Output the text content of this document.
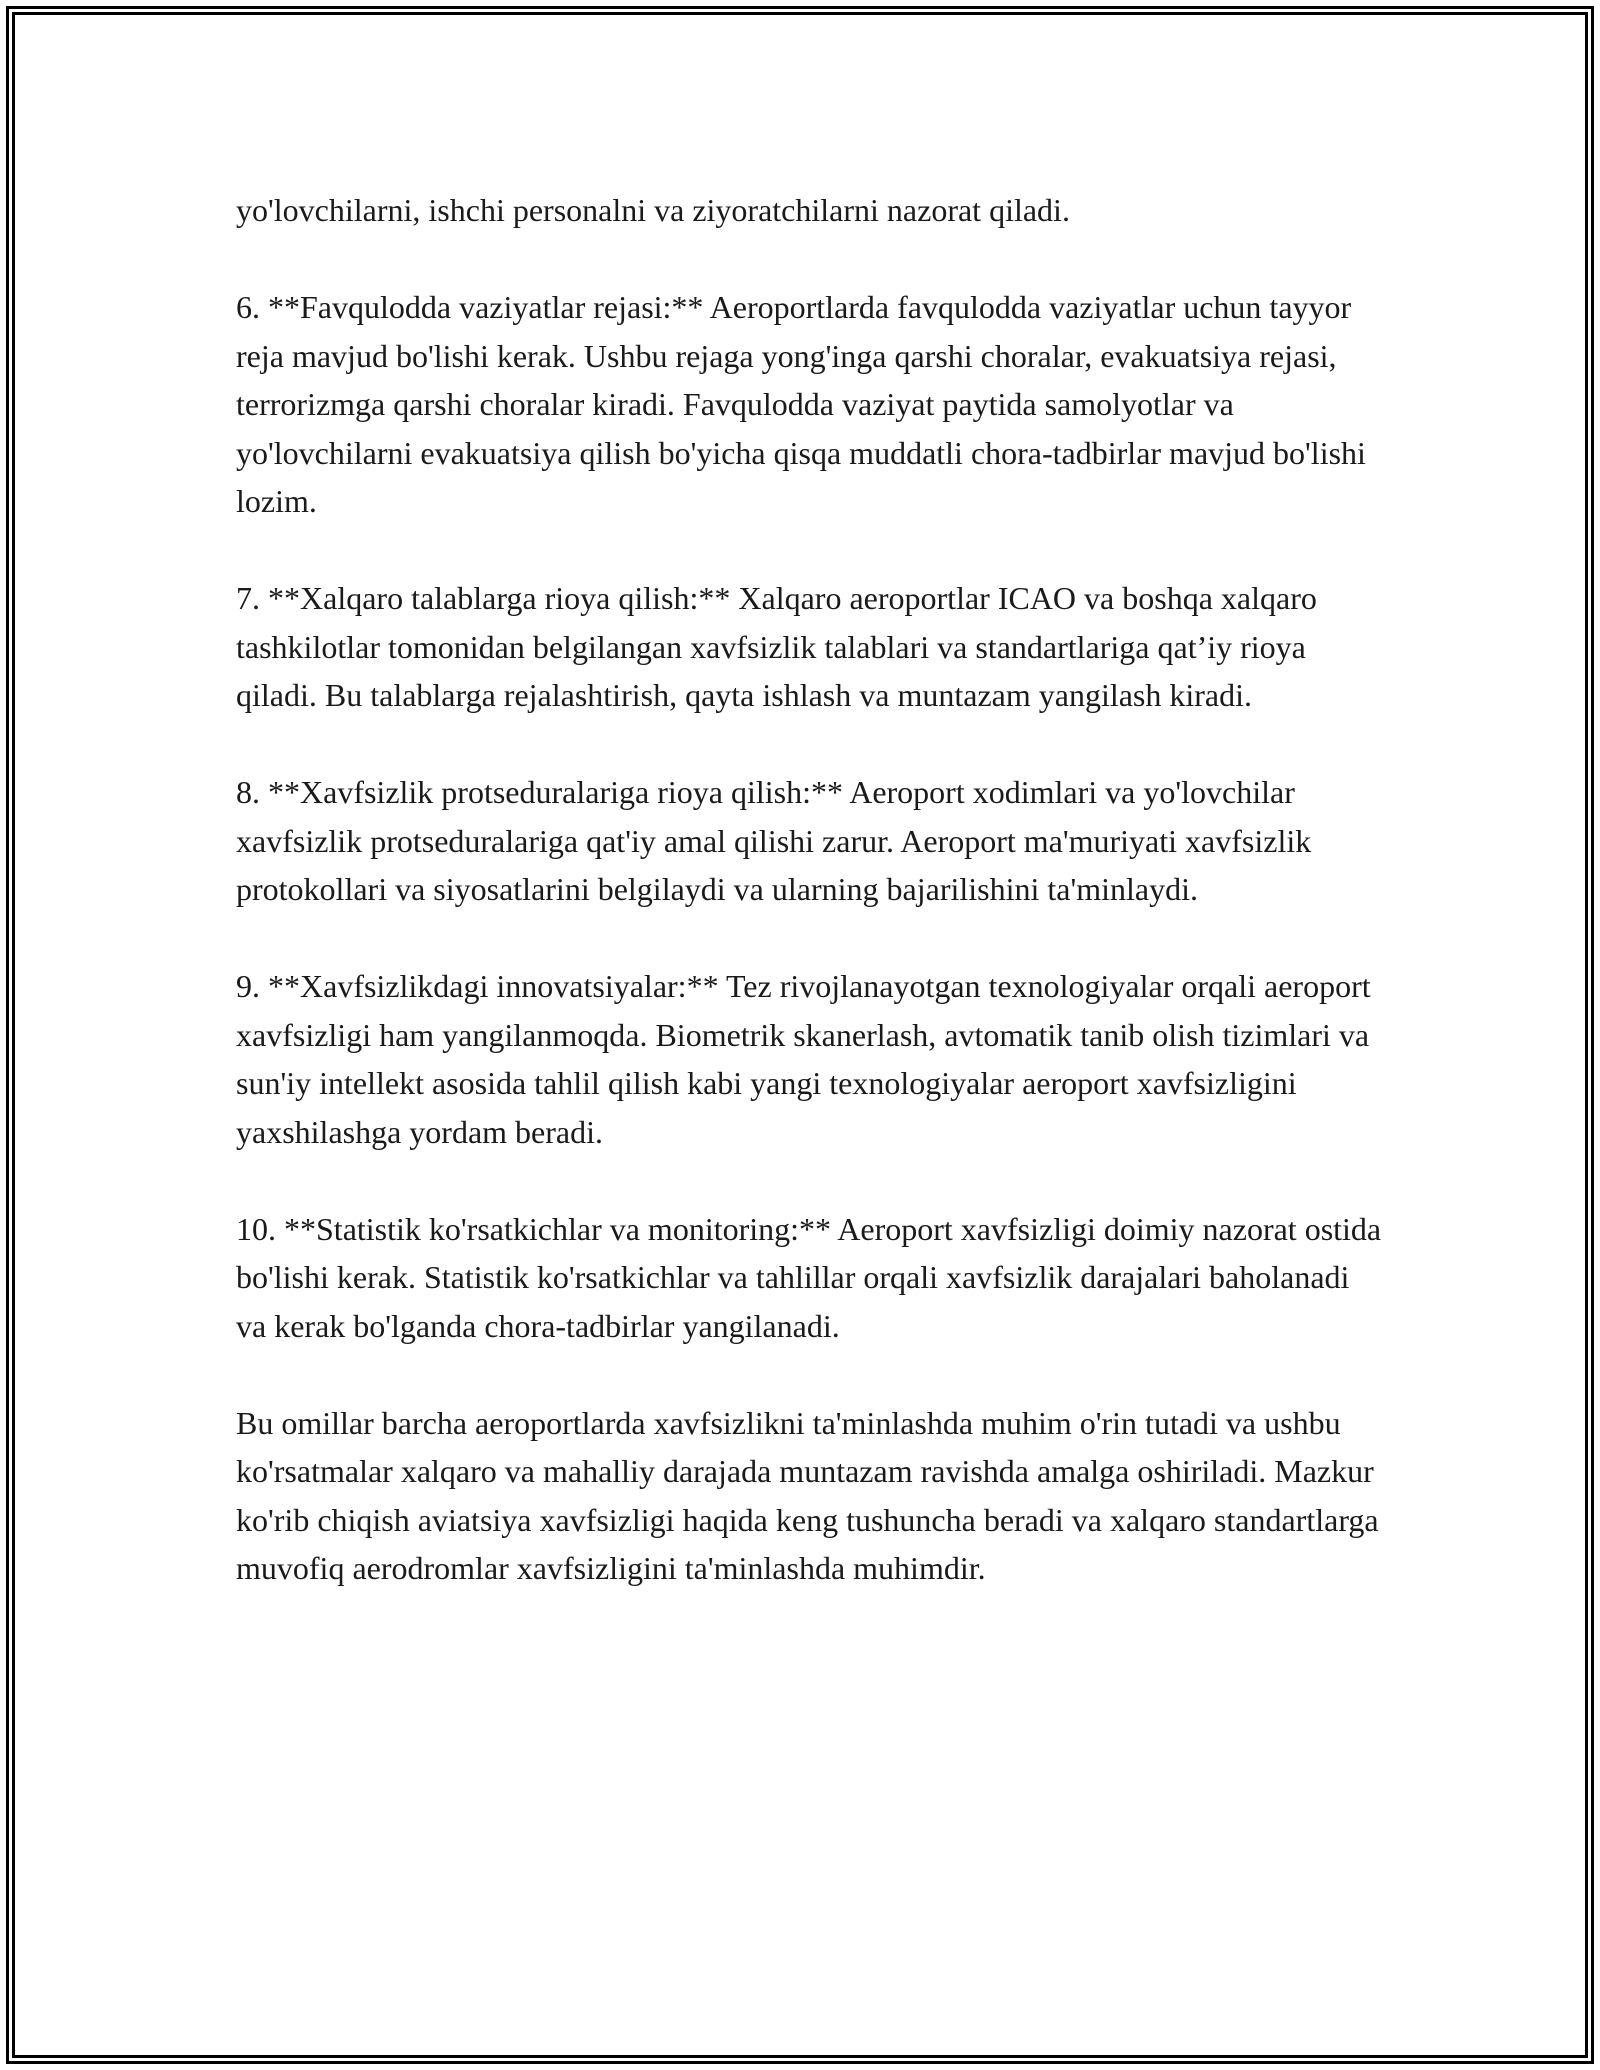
yo'lovchilarni, ishchi personalni va ziyoratchilarni nazorat qiladi.

6. **Favqulodda vaziyatlar rejasi:** Aeroportlarda favqulodda vaziyatlar uchun tayyor reja mavjud bo'lishi kerak. Ushbu rejaga yong'inga qarshi choralar, evakuatsiya rejasi, terrorizmga qarshi choralar kiradi. Favqulodda vaziyat paytida samolyotlar va yo'lovchilarni evakuatsiya qilish bo'yicha qisqa muddatli chora-tadbirlar mavjud bo'lishi lozim.

7. **Xalqaro talablarga rioya qilish:** Xalqaro aeroportlar ICAO va boshqa xalqaro tashkilotlar tomonidan belgilangan xavfsizlik talablari va standartlariga qat’iy rioya qiladi. Bu talablarga rejalashtirish, qayta ishlash va muntazam yangilash kiradi.

8. **Xavfsizlik protseduralariga rioya qilish:** Aeroport xodimlari va yo'lovchilar xavfsizlik protseduralariga qat'iy amal qilishi zarur. Aeroport ma'muriyati xavfsizlik protokollari va siyosatlarini belgilaydi va ularning bajarilishini ta'minlaydi.

9. **Xavfsizlikdagi innovatsiyalar:** Tez rivojlanayotgan texnologiyalar orqali aeroport xavfsizligi ham yangilanmoqda. Biometrik skanerlash, avtomatik tanib olish tizimlari va sun'iy intellekt asosida tahlil qilish kabi yangi texnologiyalar aeroport xavfsizligini yaxshilashga yordam beradi.

10. **Statistik ko'rsatkichlar va monitoring:** Aeroport xavfsizligi doimiy nazorat ostida bo'lishi kerak. Statistik ko'rsatkichlar va tahlillar orqali xavfsizlik darajalari baholanadi va kerak bo'lganda chora-tadbirlar yangilanadi.

Bu omillar barcha aeroportlarda xavfsizlikni ta'minlashda muhim o'rin tutadi va ushbu ko'rsatmalar xalqaro va mahalliy darajada muntazam ravishda amalga oshiriladi. Mazkur ko'rib chiqish aviatsiya xavfsizligi haqida keng tushuncha beradi va xalqaro standartlarga muvofiq aerodromlar xavfsizligini ta'minlashda muhimdir.
